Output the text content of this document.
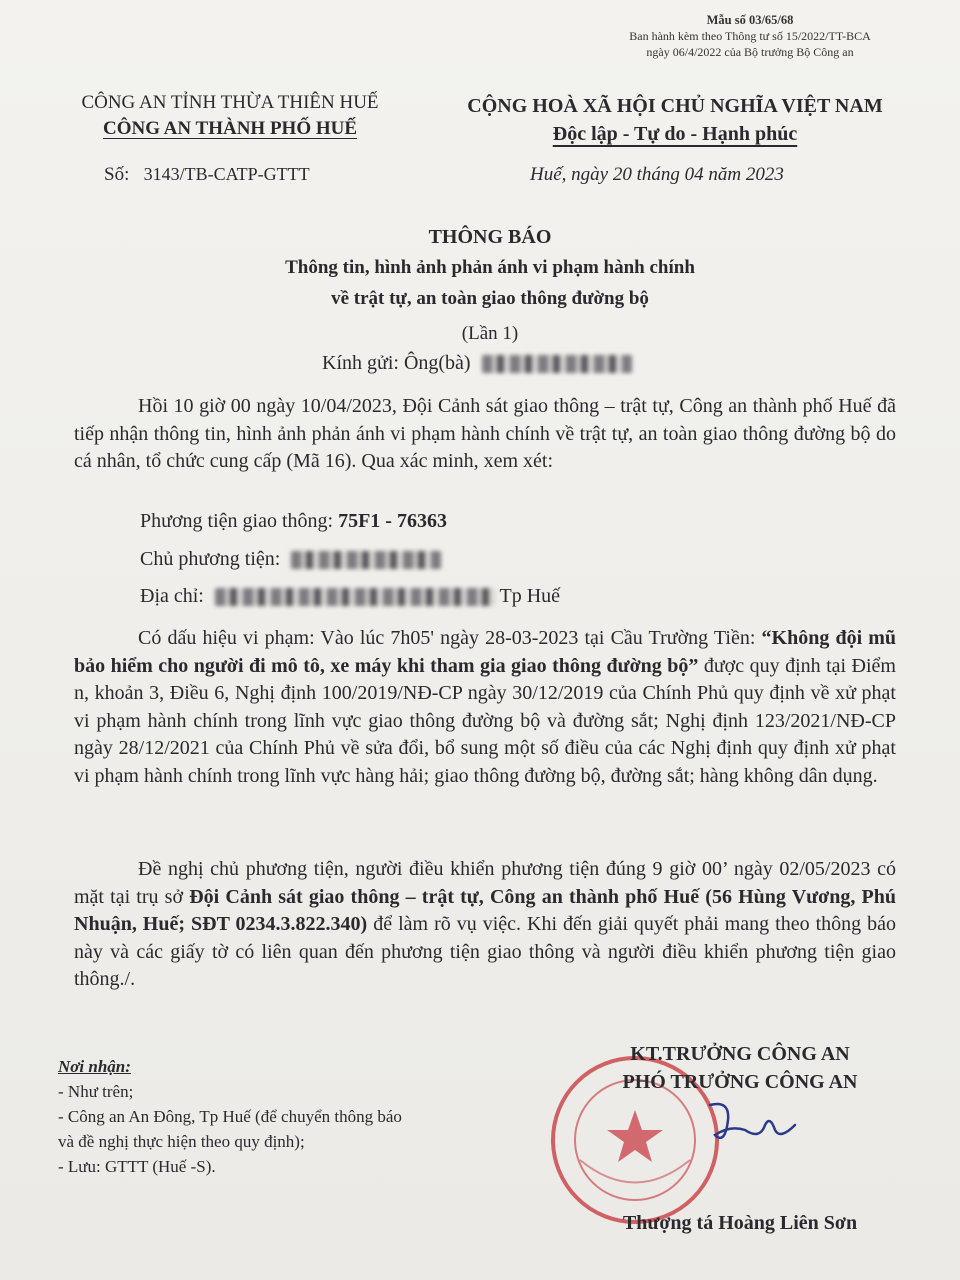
Mẫu số 03/65/68
Ban hành kèm theo Thông tư số 15/2022/TT-BCA
ngày 06/4/2022 của Bộ trưởng Bộ Công an
CÔNG AN TỈNH THỪA THIÊN HUẾ
CÔNG AN THÀNH PHỐ HUẾ
CỘNG HOÀ XÃ HỘI CHỦ NGHĨA VIỆT NAM
Độc lập - Tự do - Hạnh phúc
Số: 3143/TB-CATP-GTTT	Huế, ngày 20 tháng 04 năm 2023
THÔNG BÁO
Thông tin, hình ảnh phản ánh vi phạm hành chính
về trật tự, an toàn giao thông đường bộ
(Lần 1)
Kính gửi: Ông(bà)
Hồi 10 giờ 00 ngày 10/04/2023, Đội Cảnh sát giao thông – trật tự, Công an thành phố Huế đã tiếp nhận thông tin, hình ảnh phản ánh vi phạm hành chính về trật tự, an toàn giao thông đường bộ do cá nhân, tổ chức cung cấp (Mã 16). Qua xác minh, xem xét:
Phương tiện giao thông: 75F1 - 76363
Chủ phương tiện:
Địa chỉ:	Tp Huế
Có dấu hiệu vi phạm: Vào lúc 7h05' ngày 28-03-2023 tại Cầu Trường Tiền: “Không đội mũ bảo hiểm cho người đi mô tô, xe máy khi tham gia giao thông đường bộ” được quy định tại Điểm n, khoản 3, Điều 6, Nghị định 100/2019/NĐ-CP ngày 30/12/2019 của Chính Phủ quy định về xử phạt vi phạm hành chính trong lĩnh vực giao thông đường bộ và đường sắt; Nghị định 123/2021/NĐ-CP ngày 28/12/2021 của Chính Phủ về sửa đổi, bổ sung một số điều của các Nghị định quy định xử phạt vi phạm hành chính trong lĩnh vực hàng hải; giao thông đường bộ, đường sắt; hàng không dân dụng.
Đề nghị chủ phương tiện, người điều khiển phương tiện đúng 9 giờ 00’ ngày 02/05/2023 có mặt tại trụ sở Đội Cảnh sát giao thông – trật tự, Công an thành phố Huế (56 Hùng Vương, Phú Nhuận, Huế; SĐT 0234.3.822.340) để làm rõ vụ việc. Khi đến giải quyết phải mang theo thông báo này và các giấy tờ có liên quan đến phương tiện giao thông và người điều khiển phương tiện giao thông./.
Nơi nhận:
- Như trên;
- Công an An Đông, Tp Huế (để chuyển thông báo
và đề nghị thực hiện theo quy định);
- Lưu: GTTT (Huế -S).
KT.TRƯỞNG CÔNG AN
PHÓ TRƯỞNG CÔNG AN
Thượng tá Hoàng Liên Sơn
